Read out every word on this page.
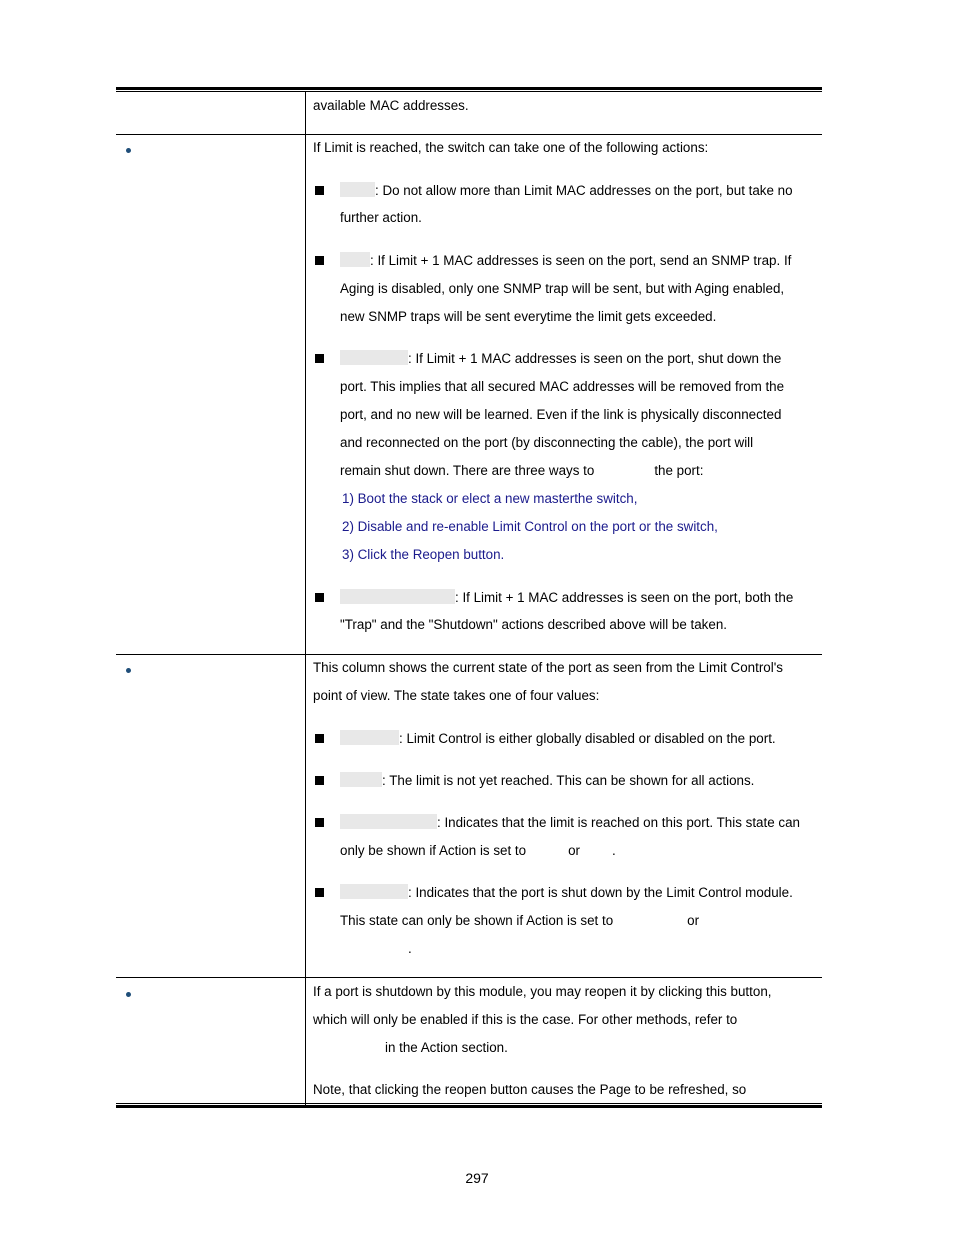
available MAC addresses.
If Limit is reached, the switch can take one of the following actions:
: Do not allow more than Limit MAC addresses on the port, but take no
further action.
: If Limit + 1 MAC addresses is seen on the port, send an SNMP trap. If
Aging is disabled, only one SNMP trap will be sent, but with Aging enabled,
new SNMP traps will be sent everytime the limit gets exceeded.
: If Limit + 1 MAC addresses is seen on the port, shut down the
port. This implies that all secured MAC addresses will be removed from the
port, and no new will be learned. Even if the link is physically disconnected
and reconnected on the port (by disconnecting the cable), the port will
remain shut down. There are three ways to	the port:
1) Boot the stack or elect a new masterthe switch,
2) Disable and re-enable Limit Control on the port or the switch,
3) Click the Reopen button.
: If Limit + 1 MAC addresses is seen on the port, both the
"Trap" and the "Shutdown" actions described above will be taken.
This column shows the current state of the port as seen from the Limit Control's
point of view. The state takes one of four values:
: Limit Control is either globally disabled or disabled on the port.
: The limit is not yet reached. This can be shown for all actions.
: Indicates that the limit is reached on this port. This state can
only be shown if Action is set to	or .
: Indicates that the port is shut down by the Limit Control module.
This state can only be shown if Action is set to	or
.
If a port is shutdown by this module, you may reopen it by clicking this button,
which will only be enabled if this is the case. For other methods, refer to
in the Action section.
Note, that clicking the reopen button causes the Page to be refreshed, so
297
